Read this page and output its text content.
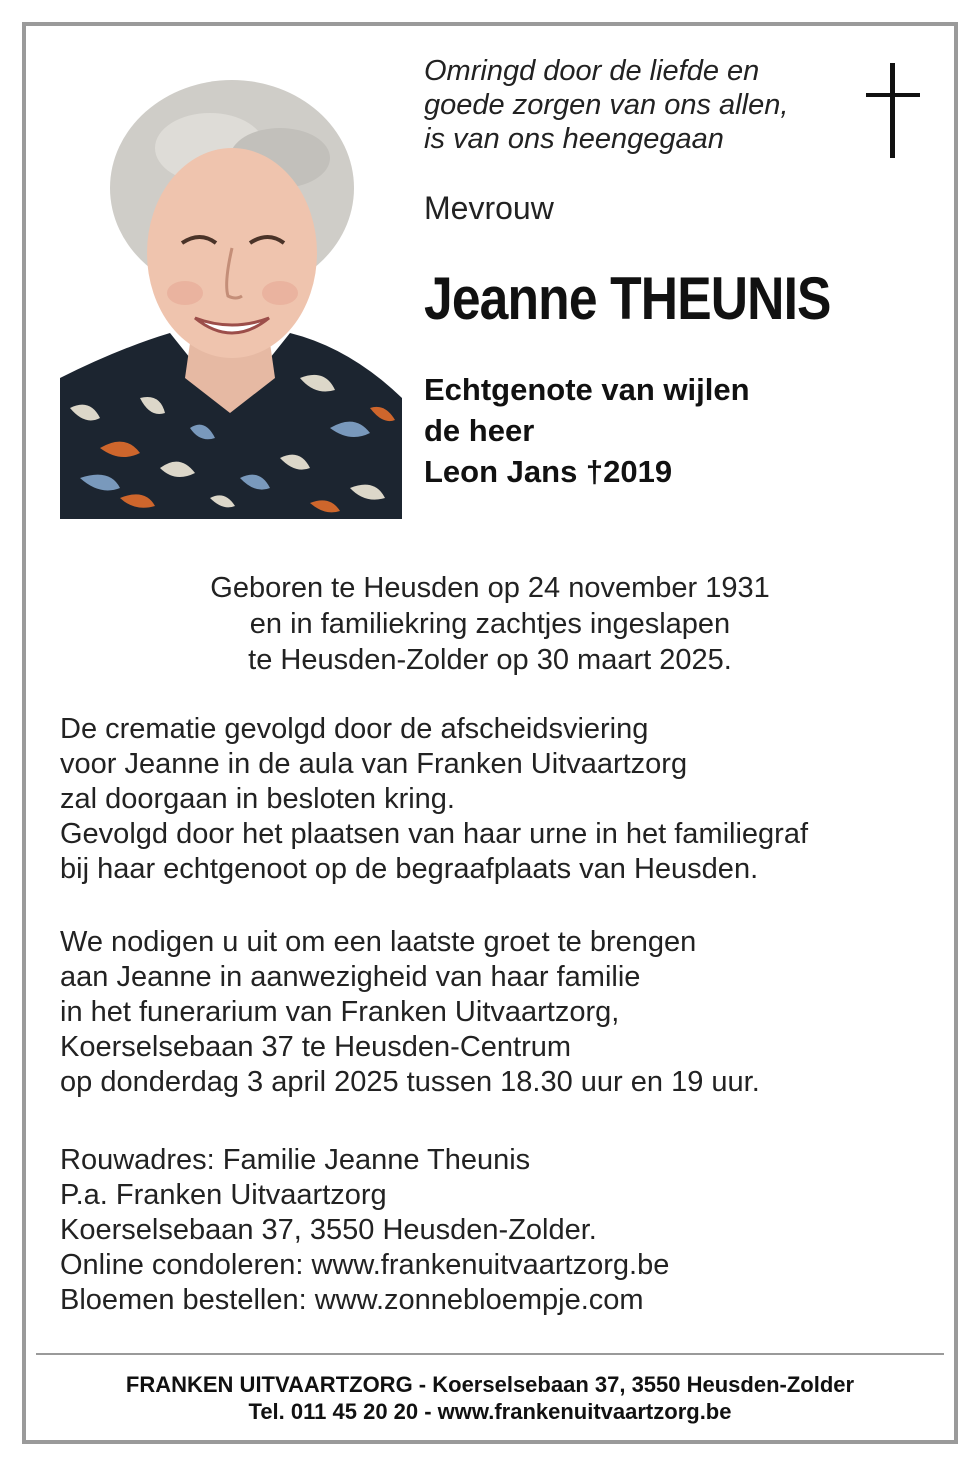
Omringd door de liefde en
goede zorgen van ons allen,
is van ons heengegaan
Mevrouw
Jeanne THEUNIS
Echtgenote van wijlen
de heer
Leon Jans †2019
Geboren te Heusden op 24 november 1931
en in familiekring zachtjes ingeslapen
te Heusden-Zolder op 30 maart 2025.
De crematie gevolgd door de afscheidsviering
voor Jeanne in de aula van Franken Uitvaartzorg
zal doorgaan in besloten kring.
Gevolgd door het plaatsen van haar urne in het familiegraf
bij haar echtgenoot op de begraafplaats van Heusden.
We nodigen u uit om een laatste groet te brengen
aan Jeanne in aanwezigheid van haar familie
in het funerarium van Franken Uitvaartzorg,
Koerselsebaan 37 te Heusden-Centrum
op donderdag 3 april 2025 tussen 18.30 uur en 19 uur.
Rouwadres: Familie Jeanne Theunis
P.a. Franken Uitvaartzorg
Koerselsebaan 37, 3550 Heusden-Zolder.
Online condoleren: www.frankenuitvaartzorg.be
Bloemen bestellen: www.zonnebloempje.com
FRANKEN UITVAARTZORG - Koerselsebaan 37, 3550 Heusden-Zolder
Tel. 011 45 20 20 - www.frankenuitvaartzorg.be
